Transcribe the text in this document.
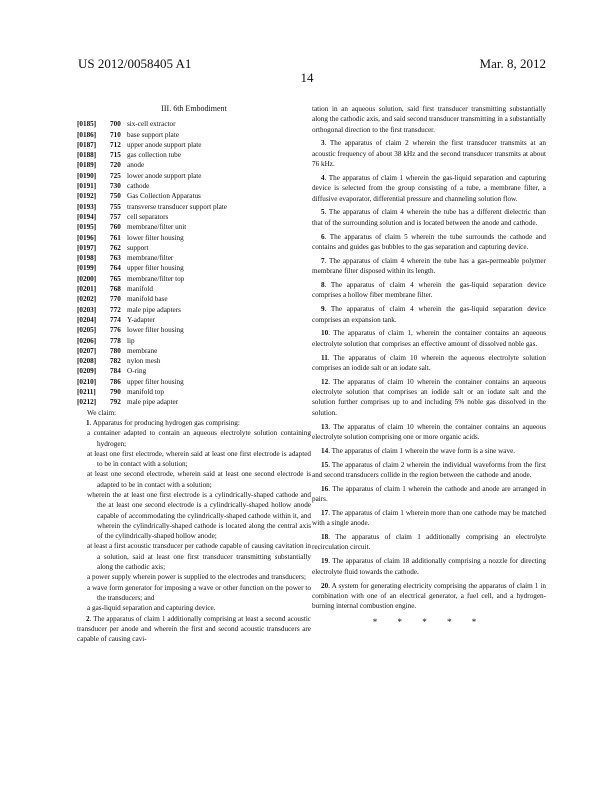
US 2012/0058405 A1	Mar. 8, 2012
14
III. 6th Embodiment
[0185]	700 six-cell extractor
[0186]	710 base support plate
[0187]	712 upper anode support plate
[0188]	715 gas collection tube
[0189]	720 anode
[0190]	725 lower anode support plate
[0191]	730 cathode
[0192]	750 Gas Collection Apparatus
[0193]	755 transverse transducer support plate
[0194]	757 cell separators
[0195]	760 membrane/filter unit
[0196]	761 lower filter housing
[0197]	762 support
[0198]	763 membrane/filter
[0199]	764 upper filter housing
[0200]	765 membrane/filter top
[0201]	768 manifold
[0202]	770 manifold base
[0203]	772 male pipe adapters
[0204]	774 Y-adapter
[0205]	776 lower filter housing
[0206]	778 lip
[0207]	780 membrane
[0208]	782 nylon mesh
[0209]	784 O-ring
[0210]	786 upper filter housing
[0211]	790 manifold top
[0212]	792 male pipe adapter
We claim:

1. Apparatus for producing hydrogen gas comprising:

a container adapted to contain an aqueous electrolyte solution containing hydrogen;

at least one first electrode, wherein said at least one first electrode is adapted to be in contact with a solution;

at least one second electrode, wherein said at least one second electrode is adapted to be in contact with a solution;

wherein the at least one first electrode is a cylindrically-shaped cathode and the at least one second electrode is a cylindrically-shaped hollow anode capable of accommodating the cylindrically-shaped cathode within it, and wherein the cylindrically-shaped cathode is located along the central axis of the cylindrically-shaped hollow anode;

at least a first acoustic transducer per cathode capable of causing cavitation in a solution, said at least one first transducer transmitting substantially along the cathodic axis;

a power supply wherein power is supplied to the electrodes and transducers;

a wave form generator for imposing a wave or other function on the power to the transducers; and

a gas-liquid separation and capturing device.

2. The apparatus of claim 1 additionally comprising at least a second acoustic transducer per anode and wherein the first and second acoustic transducers are capable of causing cavi-

tation in an aqueous solution, said first transducer transmitting substantially along the cathodic axis, and said second transducer transmitting in a substantially orthogonal direction to the first transducer.

3. The apparatus of claim 2 wherein the first transducer transmits at an acoustic frequency of about 38 kHz and the second transducer transmits at about 76 kHz.

4. The apparatus of claim 1 wherein the gas-liquid separation and capturing device is selected from the group consisting of a tube, a membrane filter, a diffusive evaporator, differential pressure and channeling solution flow.

5. The apparatus of claim 4 wherein the tube has a different dielectric than that of the surrounding solution and is located between the anode and cathode.

6. The apparatus of claim 5 wherein the tube surrounds the cathode and contains and guides gas bubbles to the gas separation and capturing device.

7. The apparatus of claim 4 wherein the tube has a gas-permeable polymer membrane filter disposed within its length.

8. The apparatus of claim 4 wherein the gas-liquid separation device comprises a hollow fiber membrane filter.

9. The apparatus of claim 4 wherein the gas-liquid separation device comprises an expansion tank.

10. The apparatus of claim 1, wherein the container contains an aqueous electrolyte solution that comprises an effective amount of dissolved noble gas.

11. The apparatus of claim 10 wherein the aqueous electrolyte solution comprises an iodide salt or an iodate salt.

12. The apparatus of claim 10 wherein the container contains an aqueous electrolyte solution that comprises an iodide salt or an iodate salt and the solution further comprises up to and including 5% noble gas dissolved in the solution.

13. The apparatus of claim 10 wherein the container contains an aqueous electrolyte solution comprising one or more organic acids.

14. The apparatus of claim 1 wherein the wave form is a sine wave.

15. The apparatus of claim 2 wherein the individual waveforms from the first and second transducers collide in the region between the cathode and anode.

16. The apparatus of claim 1 wherein the cathode and anode are arranged in pairs.

17. The apparatus of claim 1 wherein more than one cathode may be matched with a single anode.

18. The apparatus of claim 1 additionally comprising an electrolyte recirculation circuit.

19. The apparatus of claim 18 additionally comprising a nozzle for directing electrolyte fluid towards the cathode.

20. A system for generating electricity comprising the apparatus of claim 1 in combination with one of an electrical generator, a fuel cell, and a hydrogen-burning internal combustion engine.

* * * * *
